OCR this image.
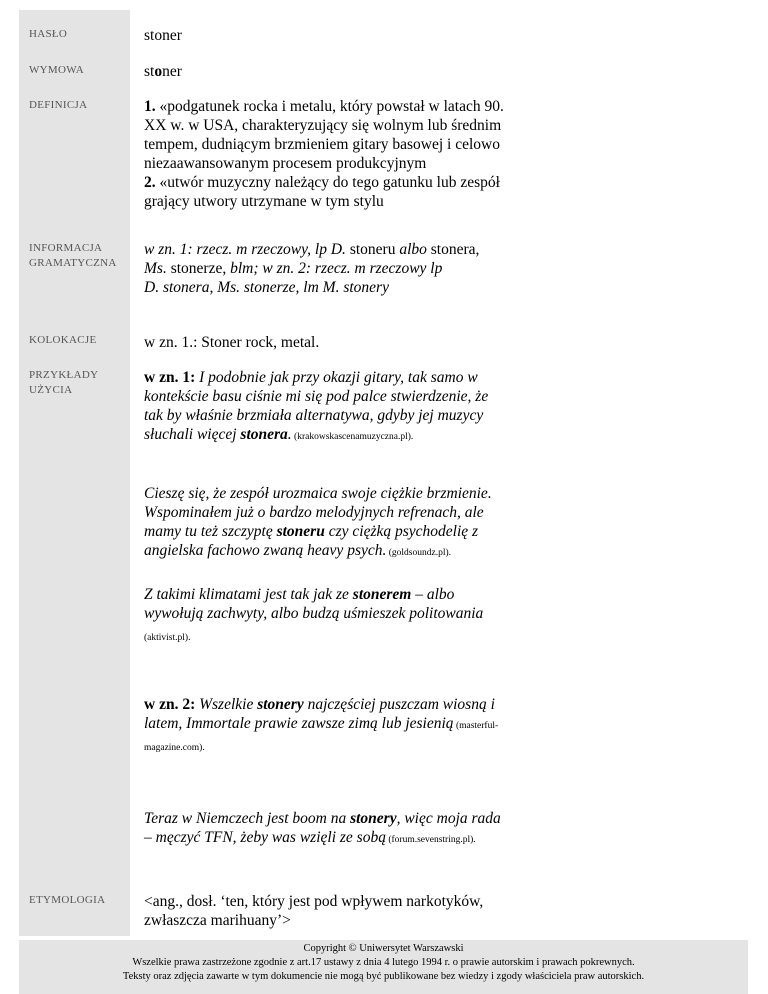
HASŁO
WYMOWA
DEFINICJA
INFORMACJA
GRAMATYCZNA
KOLOKACJE
PRZYKŁADY
UŻYCIA
ETYMOLOGIA
stoner
stoner
1. «podgatunek rocka i metalu, który powstał w latach 90. XX w. w USA, charakteryzujący się wolnym lub średnim tempem, dudniącym brzmieniem gitary basowej i celowo niezaawansowanym procesem produkcyjnym
2. «utwór muzyczny należący do tego gatunku lub zespół grający utwory utrzymane w tym stylu
w zn. 1: rzecz. m rzeczowy, lp D. stoneru albo stonera,
Ms. stonerze, blm; w zn. 2: rzecz. m rzeczowy lp
D. stonera, Ms. stonerze, lm M. stonery
w zn. 1.: Stoner rock, metal.
w zn. 1: I podobnie jak przy okazji gitary, tak samo w kontekście basu ciśnie mi się pod palce stwierdzenie, że tak by właśnie brzmiała alternatywa, gdyby jej muzycy słuchali więcej stonera. (krakowskascenamuzyczna.pl).
Cieszę się, że zespół urozmaica swoje ciężkie brzmienie. Wspominałem już o bardzo melodyjnych refrenach, ale mamy tu też szczyptę stoneru czy ciężką psychodelię z angielska fachowo zwaną heavy psych. (goldsoundz.pl).
Z takimi klimatami jest tak jak ze stonerem – albo wywołują zachwyty, albo budzą uśmieszek politowania (aktivist.pl).
w zn. 2: Wszelkie stonery najczęściej puszczam wiosną i latem, Immortale prawie zawsze zimą lub jesienią (masterful-magazine.com).
Teraz w Niemczech jest boom na stonery, więc moja rada – męczyć TFN, żeby was wzięli ze sobą (forum.sevenstring.pl).
<ang., dosł. ‘ten, który jest pod wpływem narkotyków, zwłaszcza marihuany’>
Copyright © Uniwersytet Warszawski
Wszelkie prawa zastrzeżone zgodnie z art.17 ustawy z dnia 4 lutego 1994 r. o prawie autorskim i prawach pokrewnych.
Teksty oraz zdjęcia zawarte w tym dokumencie nie mogą być publikowane bez wiedzy i zgody właściciela praw autorskich.
